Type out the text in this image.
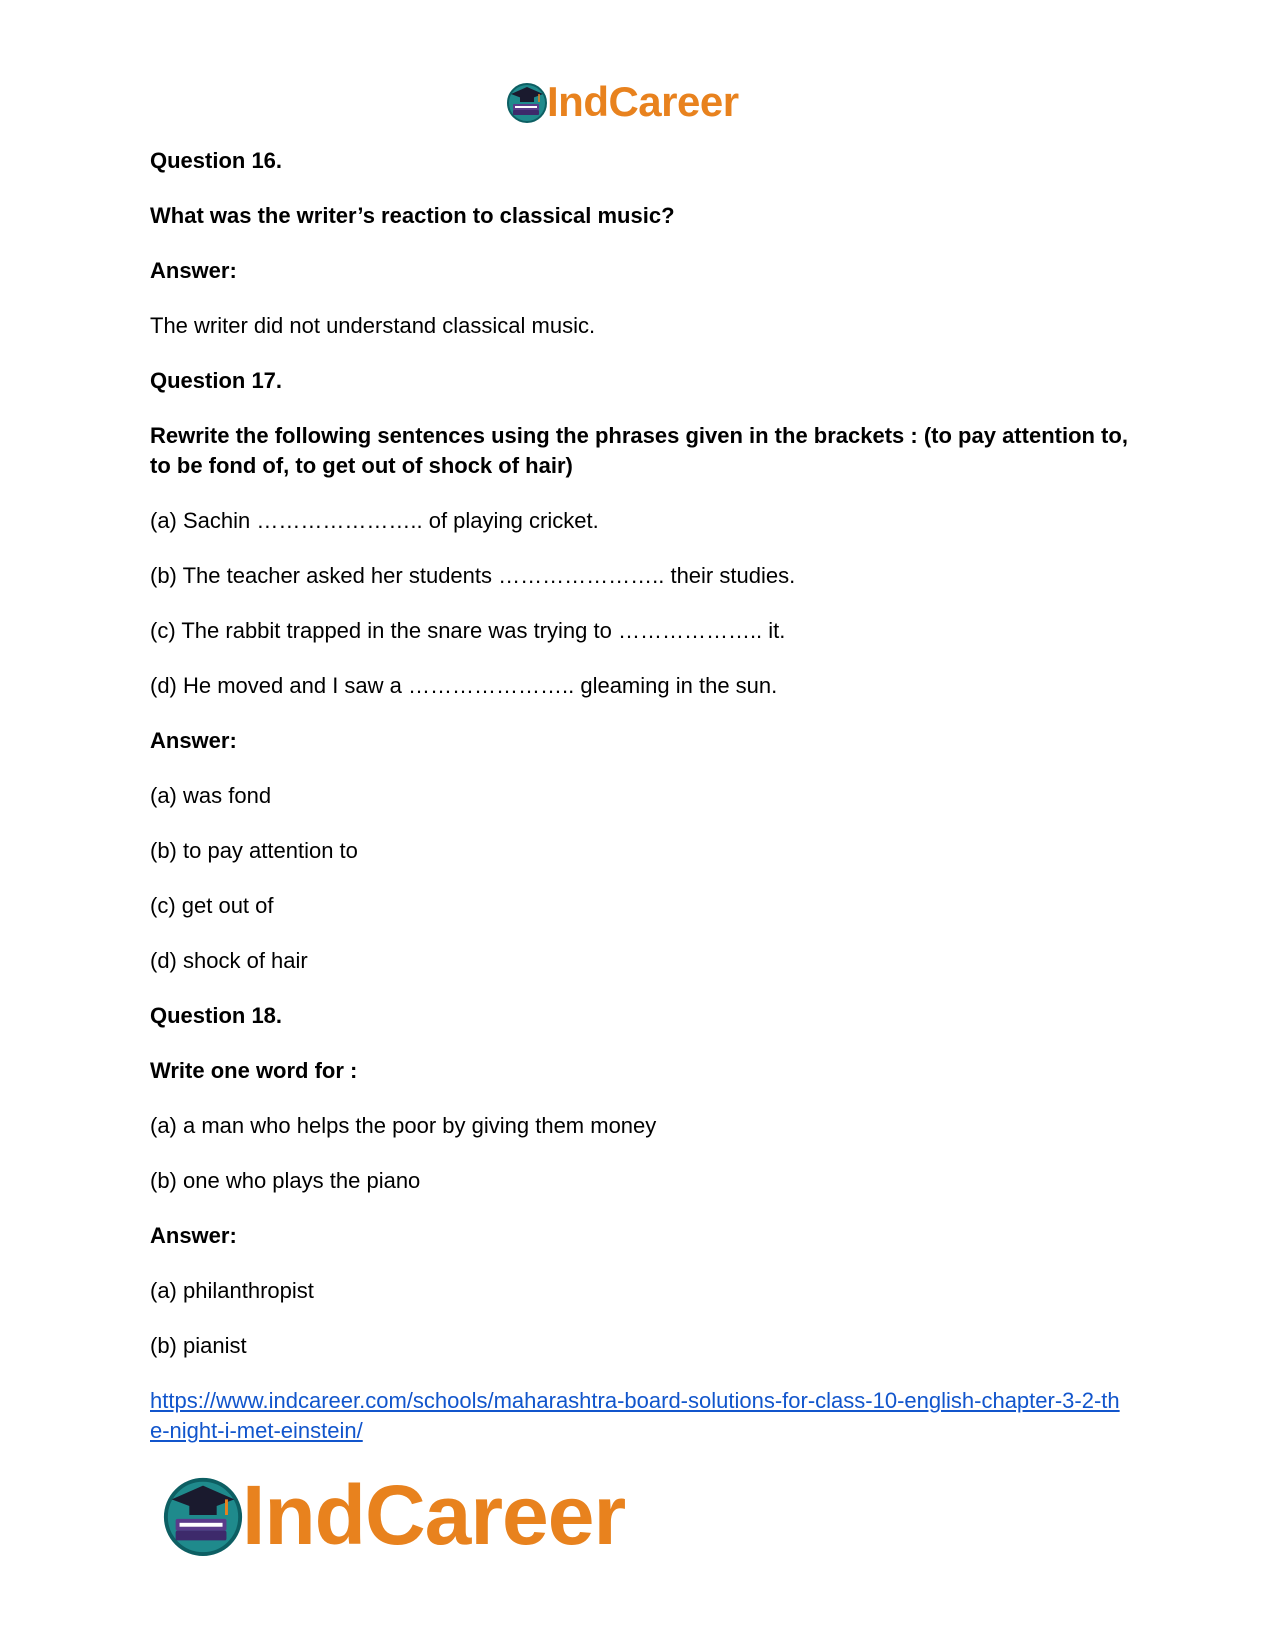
IndCareer

Question 16.

What was the writer’s reaction to classical music?

Answer:

The writer did not understand classical music.

Question 17.

Rewrite the following sentences using the phrases given in the brackets : (to pay attention to, to be fond of, to get out of shock of hair)

(a) Sachin ………………….. of playing cricket.

(b) The teacher asked her students ………………….. their studies.

(c) The rabbit trapped in the snare was trying to ……………….. it.

(d) He moved and I saw a ………………….. gleaming in the sun.

Answer:

(a) was fond

(b) to pay attention to

(c) get out of

(d) shock of hair

Question 18.

Write one word for :

(a) a man who helps the poor by giving them money

(b) one who plays the piano

Answer:

(a) philanthropist

(b) pianist

https://www.indcareer.com/schools/maharashtra-board-solutions-for-class-10-english-chapter-3-2-the-night-i-met-einstein/
IndCareer
